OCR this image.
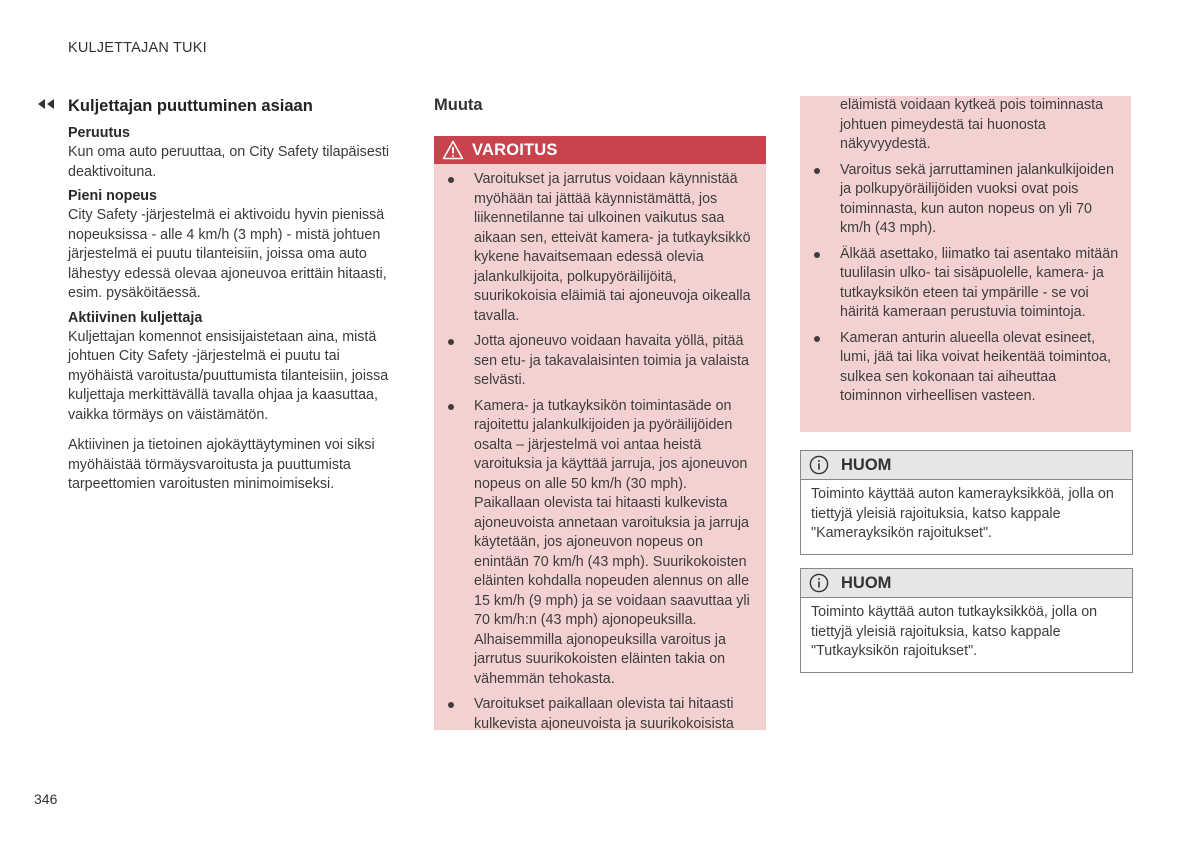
KULJETTAJAN TUKI
Kuljettajan puuttuminen asiaan
Peruutus

Kun oma auto peruuttaa, on City Safety tilapäisesti deaktivoituna.

Pieni nopeus

City Safety -järjestelmä ei aktivoidu hyvin pienissä nopeuksissa - alle 4 km/h (3 mph) - mistä johtuen järjestelmä ei puutu tilanteisiin, joissa oma auto lähestyy edessä olevaa ajoneuvoa erittäin hitaasti, esim. pysäköitäessä.

Aktiivinen kuljettaja

Kuljettajan komennot ensisijaistetaan aina, mistä johtuen City Safety -järjestelmä ei puutu tai myöhäistä varoitusta/puuttumista tilanteisiin, joissa kuljettaja merkittävällä tavalla ohjaa ja kaasuttaa, vaikka törmäys on väistämätön.

Aktiivinen ja tietoinen ajokäyttäytyminen voi siksi myöhäistää törmäysvaroitusta ja puuttumista tarpeettomien varoitusten minimoimiseksi.

Muuta
VAROITUS
Varoitukset ja jarrutus voidaan käynnistää myöhään tai jättää käynnistämättä, jos liikennetilanne tai ulkoinen vaikutus saa aikaan sen, etteivät kamera- ja tutkayksikkö kykene havaitsemaan edessä olevia jalankulkijoita, polkupyöräilijöitä, suurikokoisia eläimiä tai ajoneuvoja oikealla tavalla.
Jotta ajoneuvo voidaan havaita yöllä, pitää sen etu- ja takavalaisinten toimia ja valaista selvästi.
Kamera- ja tutkayksikön toimintasäde on rajoitettu jalankulkijoiden ja pyöräilijöiden osalta – järjestelmä voi antaa heistä varoituksia ja käyttää jarruja, jos ajoneuvon nopeus on alle 50 km/h (30 mph). Paikallaan olevista tai hitaasti kulkevista ajoneuvoista annetaan varoituksia ja jarruja käytetään, jos ajoneuvon nopeus on enintään 70 km/h (43 mph). Suurikokoisten eläinten kohdalla nopeuden alennus on alle 15 km/h (9 mph) ja se voidaan saavuttaa yli 70 km/h:n (43 mph) ajonopeuksilla. Alhaisemmilla ajonopeuksilla varoitus ja jarrutus suurikokoisten eläinten takia on vähemmän tehokasta.
Varoitukset paikallaan olevista tai hitaasti kulkevista ajoneuvoista ja suurikokoisista

eläimistä voidaan kytkeä pois toiminnasta johtuen pimeydestä tai huonosta näkyvyydestä.

Varoitus sekä jarruttaminen jalankulkijoiden ja polkupyöräilijöiden vuoksi ovat pois toiminnasta, kun auton nopeus on yli 70 km/h (43 mph).
Älkää asettako, liimatko tai asentako mitään tuulilasin ulko- tai sisäpuolelle, kamera- ja tutkayksikön eteen tai ympärille - se voi häiritä kameraan perustuvia toimintoja.
Kameran anturin alueella olevat esineet, lumi, jää tai lika voivat heikentää toimintoa, sulkea sen kokonaan tai aiheuttaa toiminnon virheellisen vasteen.
HUOM
Toiminto käyttää auton kamerayksikköä, jolla on tiettyjä yleisiä rajoituksia, katso kappale "Kamerayksikön rajoitukset".
HUOM
Toiminto käyttää auton tutkayksikköä, jolla on tiettyjä yleisiä rajoituksia, katso kappale "Tutkayksikön rajoitukset".
346
